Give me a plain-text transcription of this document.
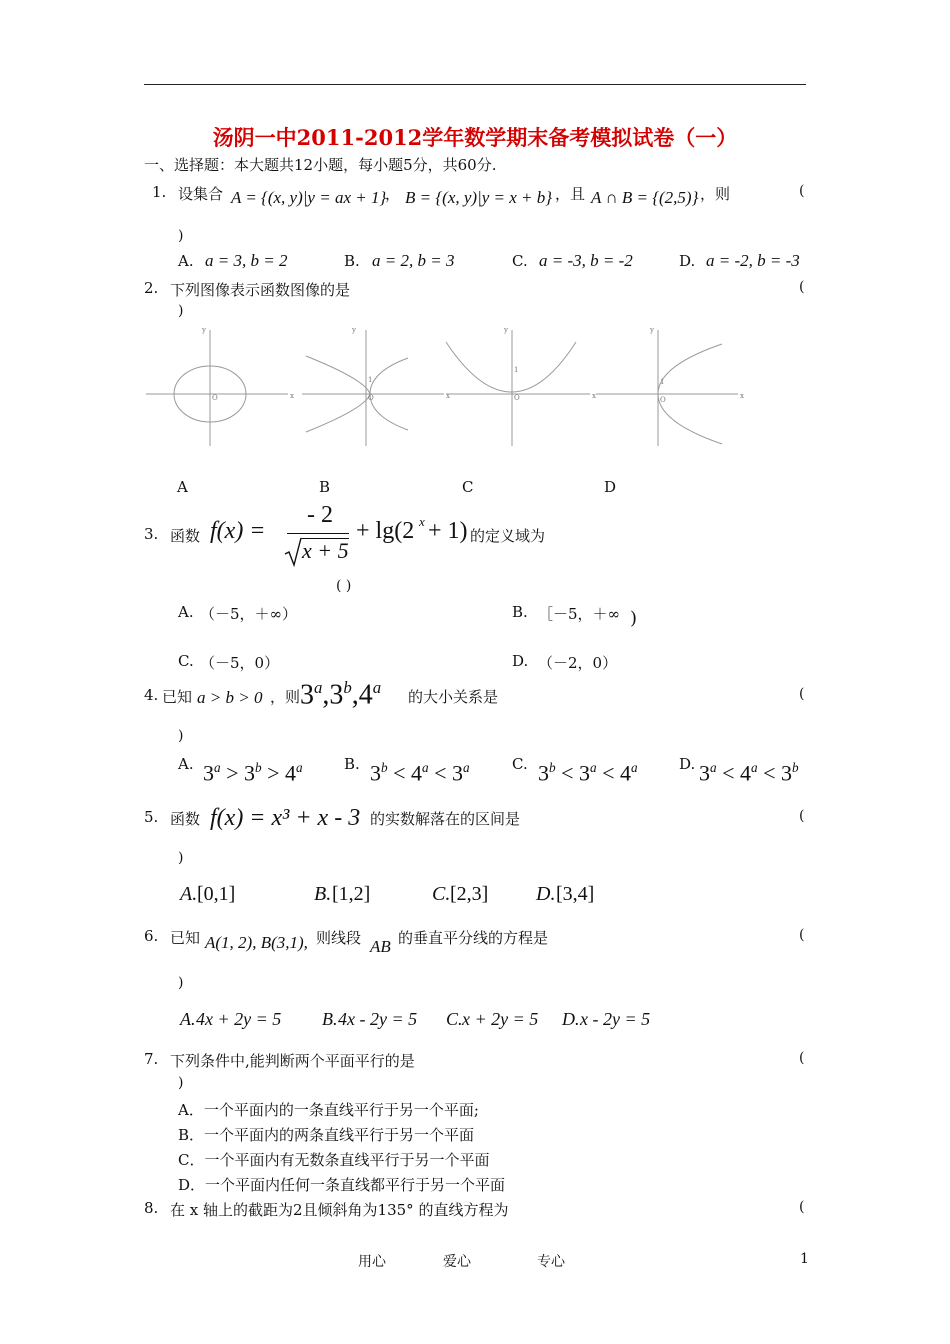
汤阴一中2011-2012学年数学期末备考模拟试卷（一）
一、选择题：本大题共12小题，每小题5分，共60分.
1. 设集合 A = {(x, y)|y = ax + 1}
， B = {(x, y)|y = x + b} ，且 A ∩ B = {(2,5)} ，则	(
)
A. a = 3, b = 2	B. a = 2, b = 3	C. a = -3, b = -2	D. a = -2, b = -3
2. 下列图像表示函数图像的是	(
)
x
y
O	x
y
O
1
x
y
O
1
x
y
O
1
A	B	C	D
3. 函数 f(x) =
- 2
x + 5
+ lg(2 x + 1) 的定义域为
( )
A. （－5，＋∞）	B. ［－5，＋∞ )
C. （－5，0）	D. （－2，0）
4. 已知 a > b > 0 ，则 3$^a$,3$^b$,4$^a$ 的大小关系是	(
)
A. $3^a > 3^b > 4^a$	B. $3^b < 4^a < 3^a$	C. $3^b < 3^a < 4^a$	D. $3^a < 4^a < 3^b$
5. 函数 f(x) = x³ + x - 3 的实数解落在的区间是	(
)
A. [0,1]	B. [1,2]	C. [2,3] D. [3,4]
6. 已知 A(1, 2), B(3,1), 则线段 AB 的垂直平分线的方程是	(
)
A. 4x + 2y = 5 B. 4x - 2y = 5 C. x + 2y = 5 D. x - 2y = 5
7. 下列条件中,能判断两个平面平行的是	(
)
A．一个平面内的一条直线平行于另一个平面;
B．一个平面内的两条直线平行于另一个平面
C．一个平面内有无数条直线平行于另一个平面
D．一个平面内任何一条直线都平行于另一个平面
8. 在 x 轴上的截距为2且倾斜角为135° 的直线方程为	(
用心	爱心	专心	1
